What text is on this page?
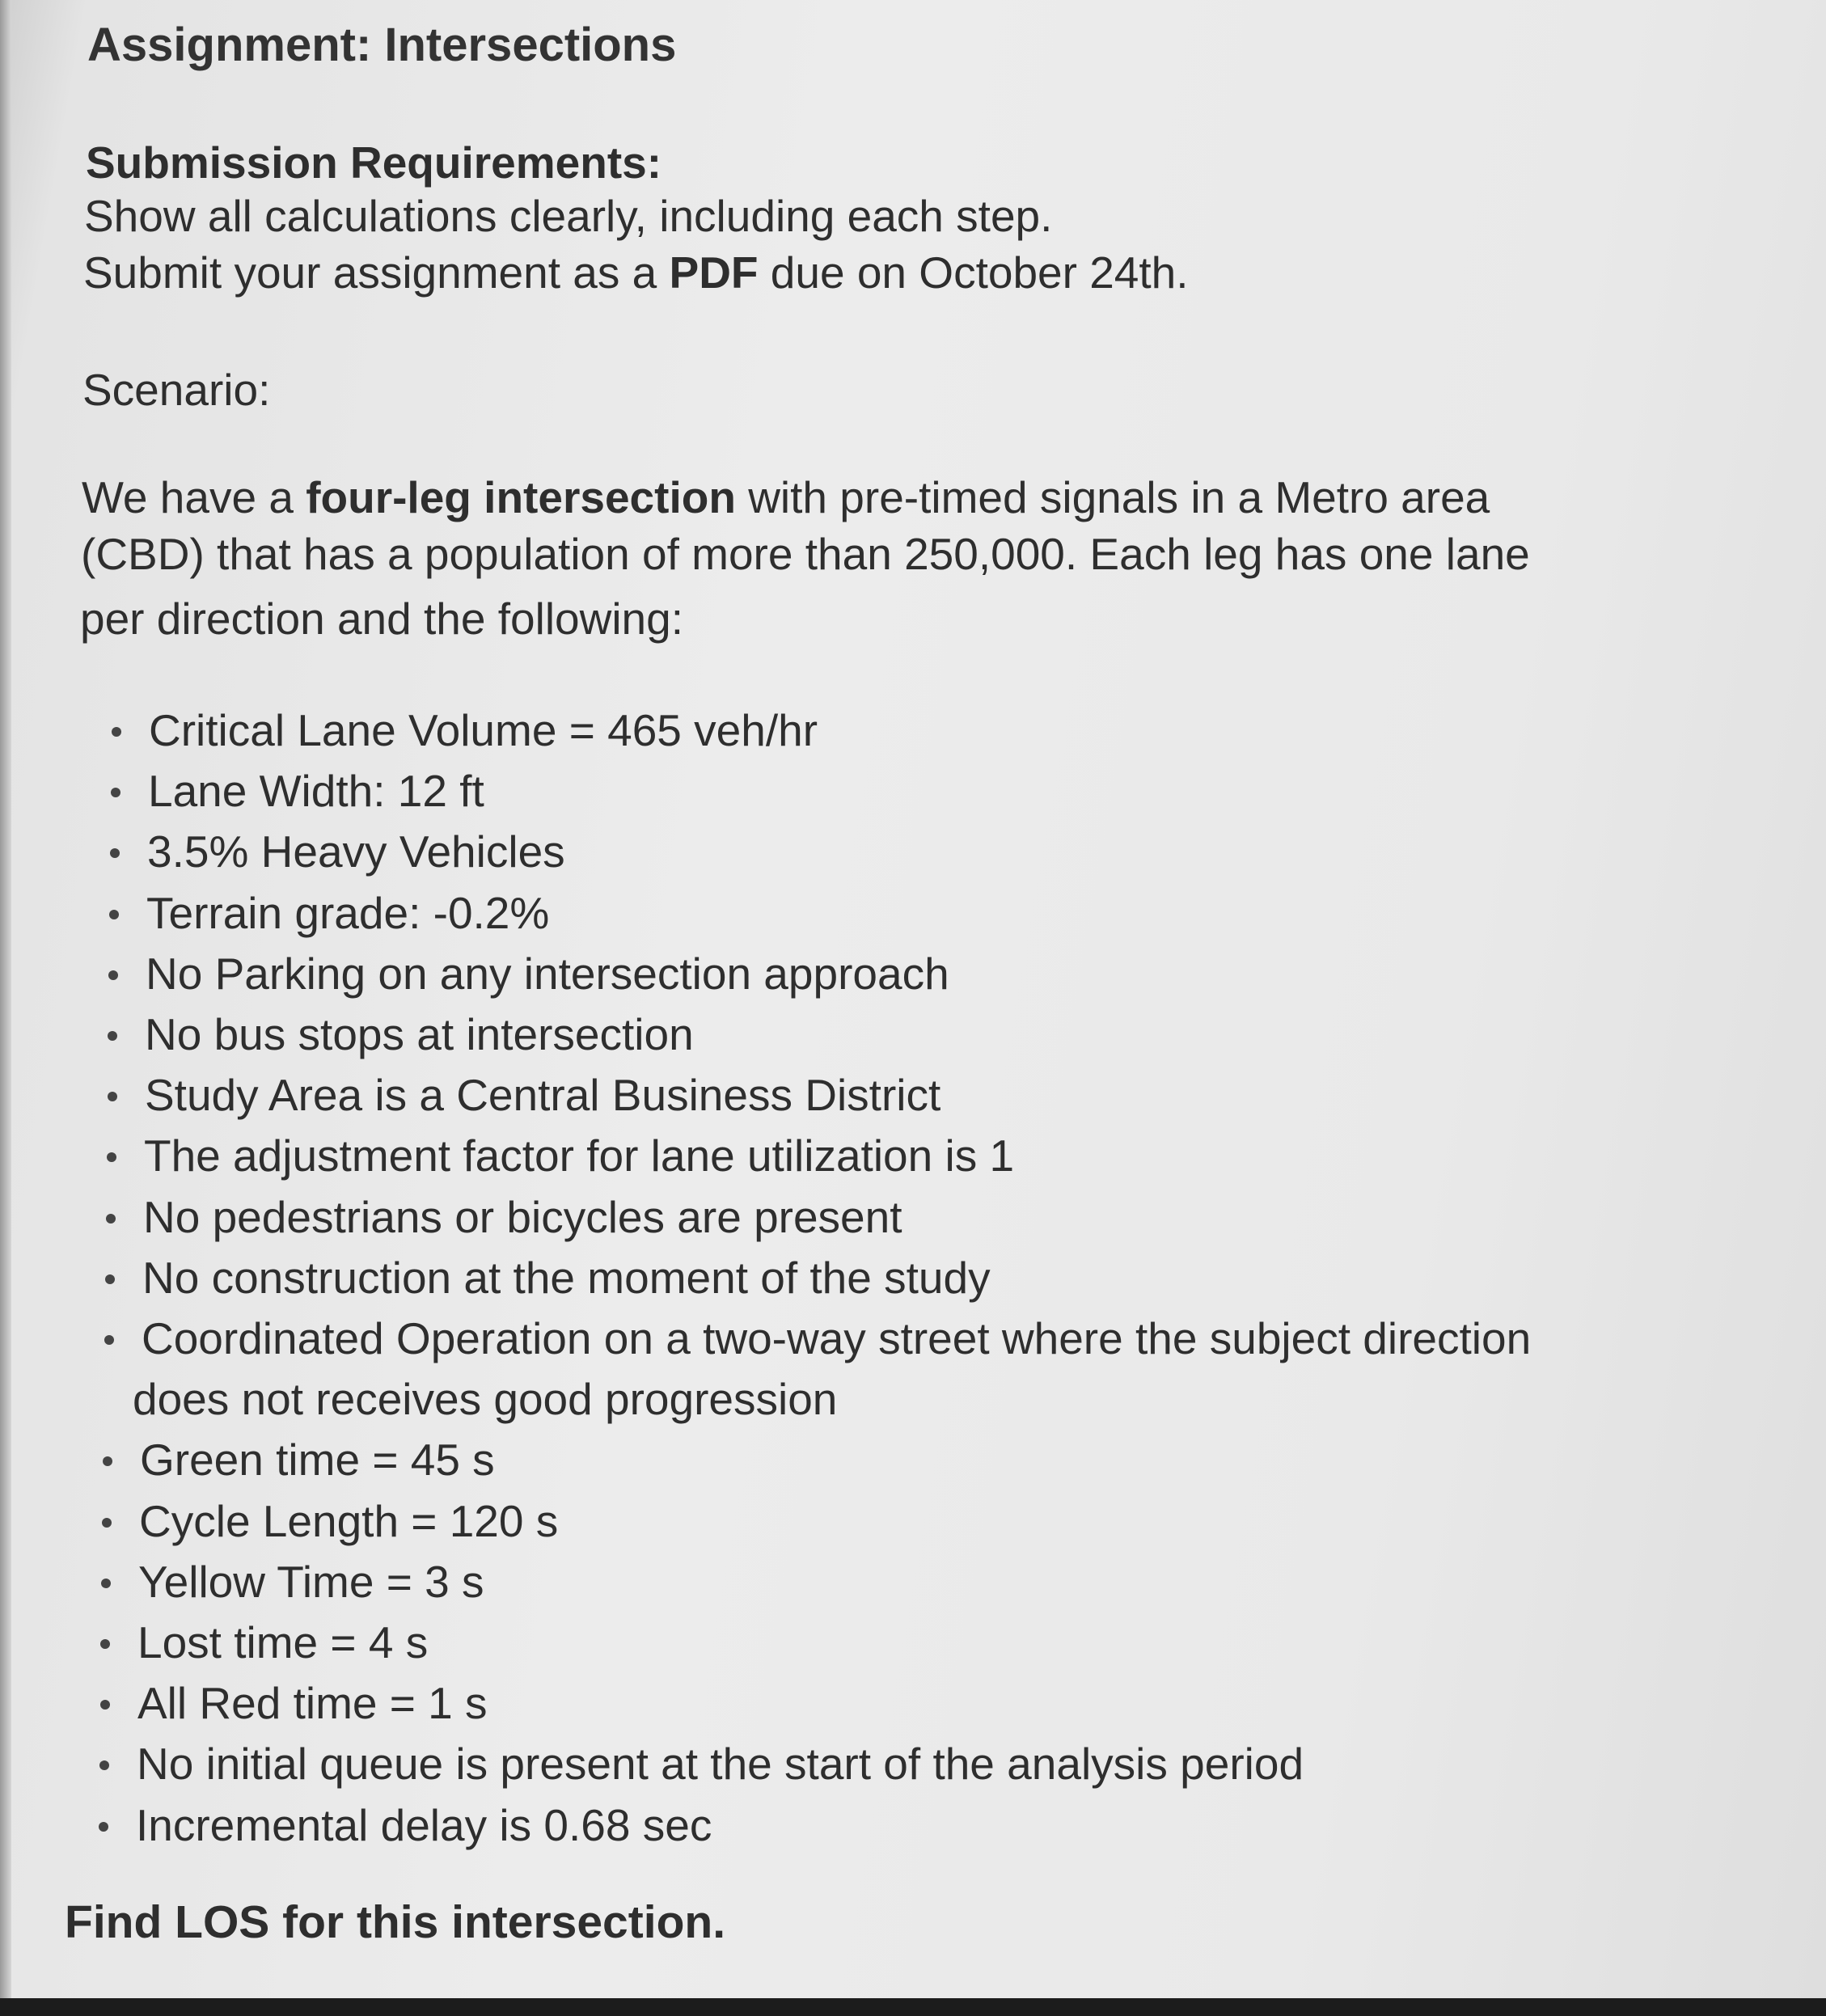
Assignment: Intersections
Submission Requirements:
Show all calculations clearly, including each step.
Submit your assignment as a PDF due on October 24th.
Scenario:
We have a four-leg intersection with pre-timed signals in a Metro area
(CBD) that has a population of more than 250,000. Each leg has one lane
per direction and the following:
Critical Lane Volume = 465 veh/hr
Lane Width: 12 ft
3.5% Heavy Vehicles
Terrain grade: -0.2%
No Parking on any intersection approach
No bus stops at intersection
Study Area is a Central Business District
The adjustment factor for lane utilization is 1
No pedestrians or bicycles are present
No construction at the moment of the study
Coordinated Operation on a two-way street where the subject direction
does not receives good progression
Green time = 45 s
Cycle Length = 120 s
Yellow Time = 3 s
Lost time = 4 s
All Red time = 1 s
No initial queue is present at the start of the analysis period
Incremental delay is 0.68 sec
Find LOS for this intersection.
